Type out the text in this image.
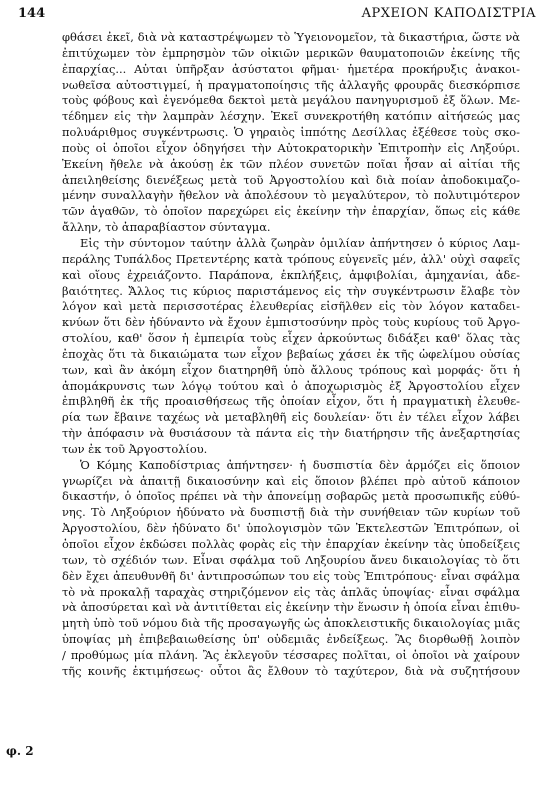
144	ΑΡΧΕΙΟΝ ΚΑΠΟΔΙΣΤΡΙΑ
φ. 2
φθάσει ἐκεῖ, διὰ νὰ καταστρέψωμεν τὸ Ὑγειονομεῖον, τὰ δικαστήρια, ὥστε νὰ
ἐπιτύχωμεν τὸν ἐμπρησμὸν τῶν οἰκιῶν μερικῶν θαυματοποιῶν ἐκείνης τῆς
ἐπαρχίας... Αὐται ὑπῆρξαν ἀσύστατοι φῆμαι· ἡμετέρα προκήρυξις ἀνακοι-
νωθεῖσα αὐτοστιγμεί, ἡ πραγματοποίησις τῆς ἀλλαγῆς φρουρᾶς διεσκόρπισε
τοὺς φόβους καὶ ἐγενόμεθα δεκτοὶ μετὰ μεγάλου πανηγυρισμοῦ ἐξ ὅλων. Με-
τέδημεν εἰς τὴν λαμπρὰν λέσχην. Ἐκεῖ συνεκροτήθη κατόπιν αἰτήσεώς μας
πολυάριθμος συγκέντρωσις. Ὁ γηραιὸς ἱππότης Δεσίλλας ἐξέθεσε τοὺς σκο-
ποὺς οἱ ὁποῖοι εἶχον ὁδηγήσει τὴν Αὐτοκρατορικὴν Ἐπιτροπὴν εἰς Ληξούρι.
Ἐκείνη ἤθελε νὰ ἀκούσῃ ἐκ τῶν πλέον συνετῶν ποῖαι ἦσαν αἱ αἰτίαι τῆς
ἀπειληθείσης διενέξεως μετὰ τοῦ Ἀργοστολίου καὶ διὰ ποίαν ἀποδοκιμαζο-
μένην συναλλαγὴν ἤθελον νὰ ἀπολέσουν τὸ μεγαλύτερον, τὸ πολυτιμότερον
τῶν ἀγαθῶν, τὸ ὁποῖον παρεχώρει εἰς ἐκείνην τὴν ἐπαρχίαν, ὅπως εἰς κάθε
ἄλλην, τὸ ἀπαραβίαστον σύνταγμα.
Εἰς τὴν σύντομον ταύτην ἀλλὰ ζωηρὰν ὁμιλίαν ἀπήντησεν ὁ κύριος Λαμ-
περάλης Τυπάλδος Πρετεντέρης κατὰ τρόπους εὐγενεῖς μέν, ἀλλ' οὐχὶ σαφεῖς
καὶ οἵους ἐχρειάζοντο. Παράπονα, ἐκπλήξεις, ἀμφιβολίαι, ἀμηχανίαι, ἀδε-
βαιότητες. Ἄλλος τις κύριος παριστάμενος εἰς τὴν συγκέντρωσιν ἔλαβε τὸν
λόγον καὶ μετὰ περισσοτέρας ἐλευθερίας εἰσῆλθεν εἰς τὸν λόγον καταδει-
κνύων ὅτι δὲν ἠδύναντο νὰ ἔχουν ἐμπιστοσύνην πρὸς τοὺς κυρίους τοῦ Ἀργο-
στολίου, καθ' ὅσον ἡ ἐμπειρία τοὺς εἶχεν ἀρκούντως διδάξει καθ' ὅλας τὰς
ἐποχὰς ὅτι τὰ δικαιώματα των εἶχον βεβαίως χάσει ἐκ τῆς ὠφελίμου οὐσίας
των, καὶ ἂν ἀκόμη εἶχον διατηρηθῆ ὑπὸ ἄλλους τρόπους καὶ μορφάς· ὅτι ἡ
ἀπομάκρυνσις των λόγῳ τούτου καὶ ὁ ἀποχωρισμὸς ἐξ Ἀργοστολίου εἶχεν
ἐπιβληθῆ ἐκ τῆς προαισθήσεως τῆς ὁποίαν εἶχον, ὅτι ἡ πραγματικὴ ἐλευθε-
ρία των ἔβαινε ταχέως νὰ μεταβληθῆ εἰς δουλείαν· ὅτι ἐν τέλει εἶχον λάβει
τὴν ἀπόφασιν νὰ θυσιάσουν τὰ πάντα εἰς τὴν διατήρησιν τῆς ἀνεξαρτησίας
των ἐκ τοῦ Ἀργοστολίου.
Ὁ Κόμης Καποδίστριας ἀπήντησεν· ἡ δυσπιστία δὲν ἁρμόζει εἰς ὅποιον
γνωρίζει νὰ ἀπαιτῇ δικαιοσύνην καὶ εἰς ὅποιον βλέπει πρὸ αὐτοῦ κάποιον
δικαστήν, ὁ ὁποῖος πρέπει νὰ τὴν ἀπονείμῃ σοβαρῶς μετὰ προσωπικῆς εὐθύ-
νης. Τὸ Ληξούριον ἠδύνατο νὰ δυσπιστῇ διὰ τὴν συνήθειαν τῶν κυρίων τοῦ
Ἀργοστολίου, δὲν ἠδύνατο δι' ὑπολογισμὸν τῶν Ἐκτελεστῶν Ἐπιτρόπων, οἱ
ὁποῖοι εἶχον ἐκδώσει πολλὰς φορὰς εἰς τὴν ἐπαρχίαν ἐκείνην τὰς ὑποδείξεις
των, τὸ σχέδιόν των. Εἶναι σφάλμα τοῦ Ληξουρίου ἄνευ δικαιολογίας τὸ ὅτι
δὲν ἔχει ἀπευθυνθῆ δι' ἀντιπροσώπων του εἰς τοὺς Ἐπιτρόπους· εἶναι σφάλμα
τὸ νὰ προκαλῇ ταραχὰς στηριζόμενον εἰς τὰς ἁπλᾶς ὑποψίας· εἶναι σφάλμα
νὰ ἀποσύρεται καὶ νὰ ἀντιτίθεται εἰς ἐκείνην τὴν ἕνωσιν ἡ ὁποία εἶναι ἐπιθυ-
μητὴ ὑπὸ τοῦ νόμου διὰ τῆς προσαγωγῆς ὡς ἀποκλειστικῆς δικαιολογίας μιᾶς
ὑποψίας μὴ ἐπιβεβαιωθείσης ὑπ' οὐδεμιᾶς ἐνδείξεως. Ἂς διορθωθῇ λοιπὸν
/ προθύμως μία πλάνη. Ἂς ἐκλεγοῦν τέσσαρες πολῖται, οἱ ὁποῖοι νὰ χαίρουν
τῆς κοινῆς ἐκτιμήσεως· οὗτοι ἂς ἔλθουν τὸ ταχύτερον, διὰ νὰ συζητήσουν
